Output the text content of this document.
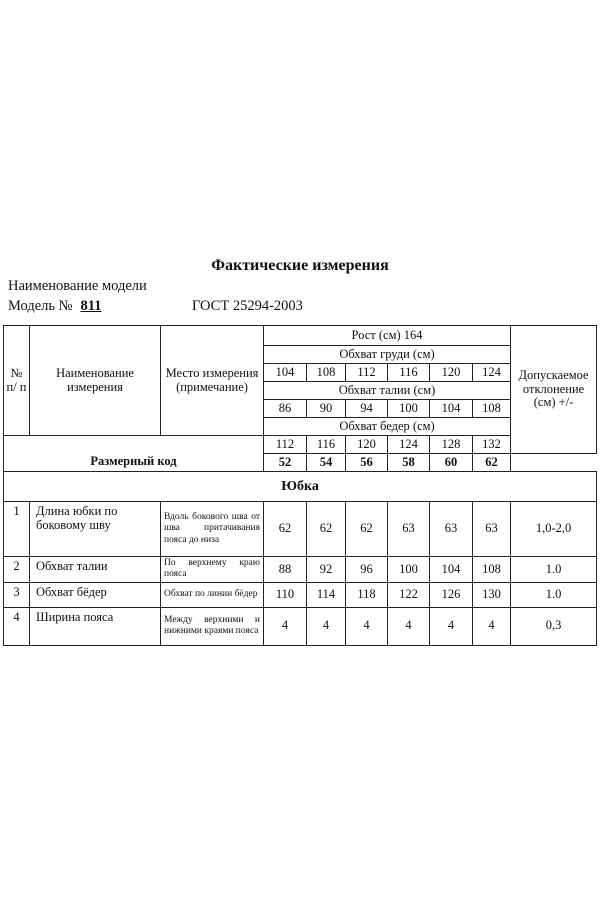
Фактические измерения
Наименование модели
Модель № 811	ГОСТ 25294-2003
№ п/ п	Наименование измерения	Место измерения (примечание)	Рост (см) 164						Допускаемое отклонение (см) +/-
			Обхват груди (см)						
			104	108	112	116	120	124	
			Обхват талии (см)						
			86	90	94	100	104	108	
			Обхват бедер (см)						
			112	116	120	124	128	132	
Размерный код			52	54	56	58	60	62	
Юбка									
1	Длина юбки по боковому шву	Вдоль бокового шва от шва притачивания пояса до низа	62	62	62	63	63	63	1,0-2,0
2	Обхват талии	По верхнему краю пояса	88	92	96	100	104	108	1.0
3	Обхват бёдер	Обхват по линии бёдер	110	114	118	122	126	130	1.0
4	Ширина пояса	Между верхними и нижними краями пояса	4	4	4	4	4	4	0,3
